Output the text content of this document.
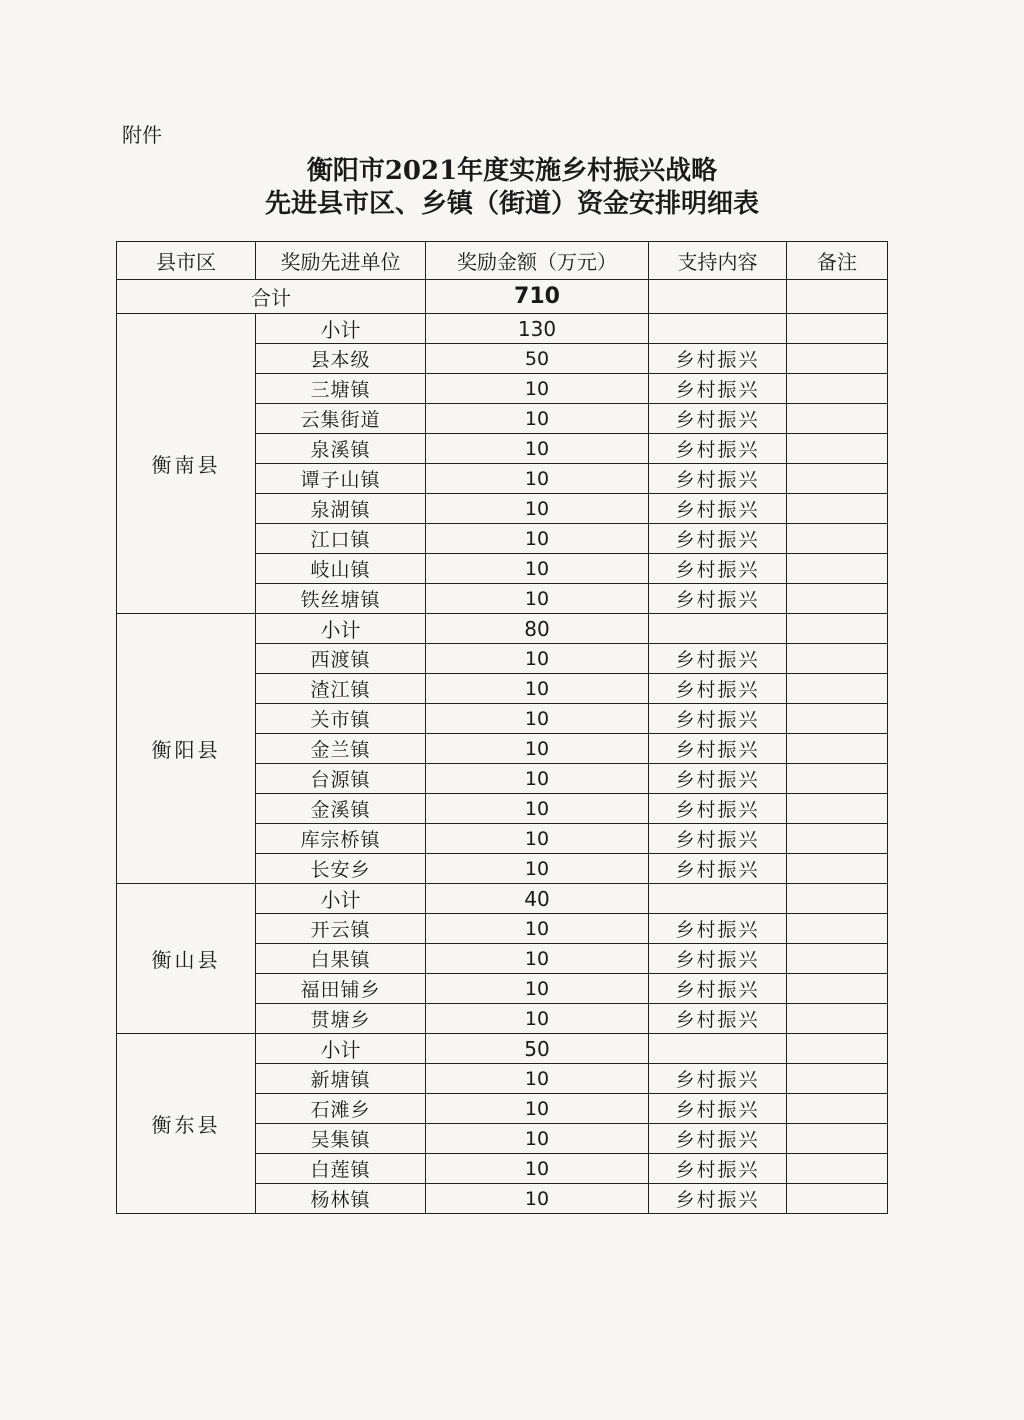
附件
衡阳市2021年度实施乡村振兴战略
先进县市区、乡镇（街道）资金安排明细表
县市区	奖励先进单位	奖励金额（万元）	支持内容	备注
合计		710		
衡南县	小计	130		
	县本级	50	乡村振兴	
	三塘镇	10	乡村振兴	
	云集街道	10	乡村振兴	
	泉溪镇	10	乡村振兴	
	谭子山镇	10	乡村振兴	
	泉湖镇	10	乡村振兴	
	江口镇	10	乡村振兴	
	岐山镇	10	乡村振兴	
	铁丝塘镇	10	乡村振兴	
衡阳县	小计	80		
	西渡镇	10	乡村振兴	
	渣江镇	10	乡村振兴	
	关市镇	10	乡村振兴	
	金兰镇	10	乡村振兴	
	台源镇	10	乡村振兴	
	金溪镇	10	乡村振兴	
	库宗桥镇	10	乡村振兴	
	长安乡	10	乡村振兴	
衡山县	小计	40		
	开云镇	10	乡村振兴	
	白果镇	10	乡村振兴	
	福田铺乡	10	乡村振兴	
	贯塘乡	10	乡村振兴	
衡东县	小计	50		
	新塘镇	10	乡村振兴	
	石滩乡	10	乡村振兴	
	吴集镇	10	乡村振兴	
	白莲镇	10	乡村振兴	
	杨林镇	10	乡村振兴	
